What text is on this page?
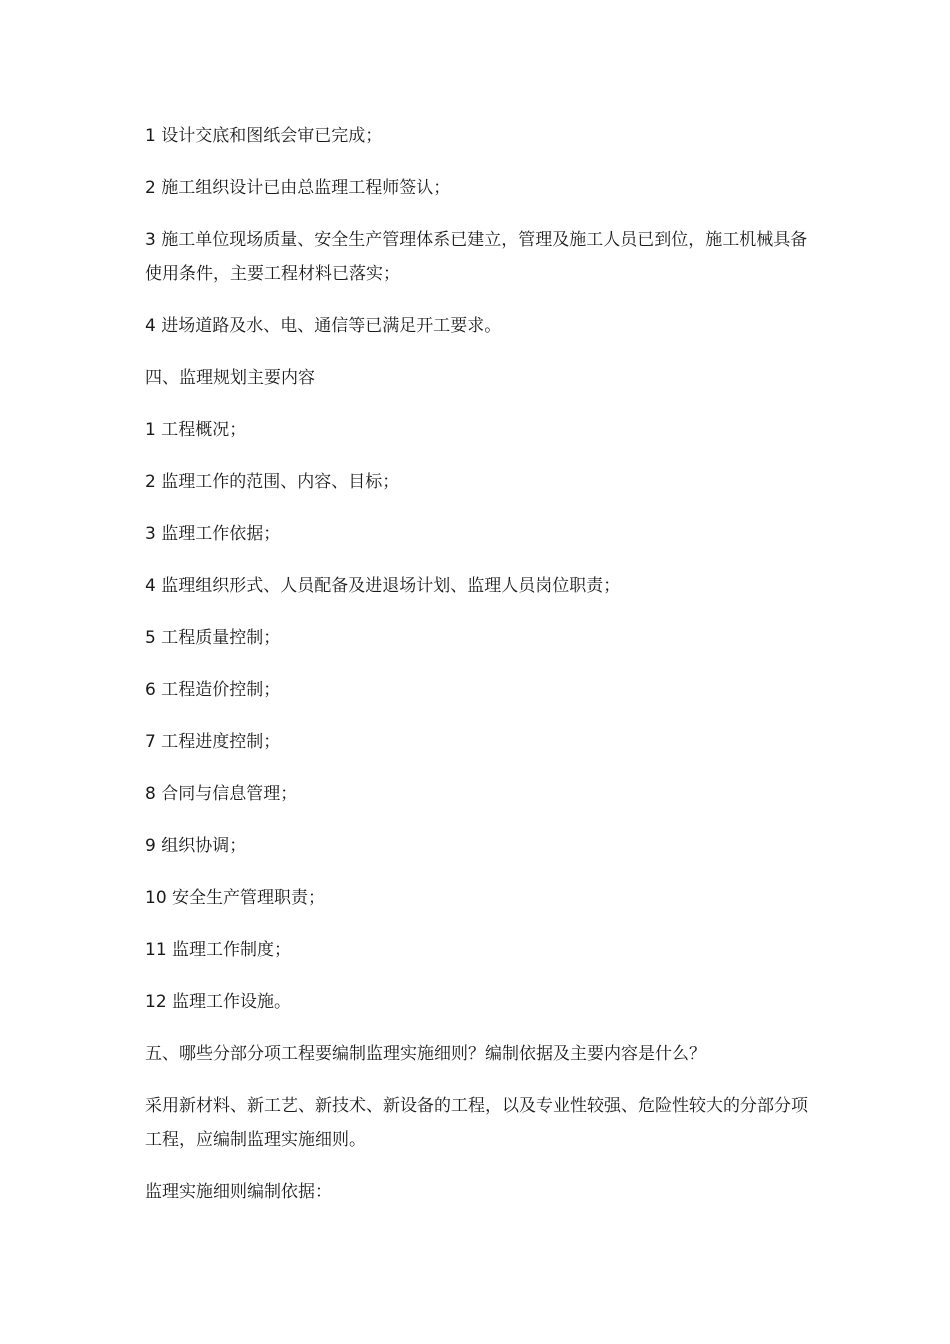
1 设计交底和图纸会审已完成；

2 施工组织设计已由总监理工程师签认；

3 施工单位现场质量、安全生产管理体系已建立，管理及施工人员已到位，施工机械具备使用条件，主要工程材料已落实；

4 进场道路及水、电、通信等已满足开工要求。

四、监理规划主要内容

1 工程概况；

2 监理工作的范围、内容、目标；

3 监理工作依据；

4 监理组织形式、人员配备及进退场计划、监理人员岗位职责；

5 工程质量控制；

6 工程造价控制；

7 工程进度控制；

8 合同与信息管理；

9 组织协调；

10 安全生产管理职责；

11 监理工作制度；

12 监理工作设施。

五、哪些分部分项工程要编制监理实施细则？编制依据及主要内容是什么？

采用新材料、新工艺、新技术、新设备的工程，以及专业性较强、危险性较大的分部分项工程，应编制监理实施细则。

监理实施细则编制依据：
